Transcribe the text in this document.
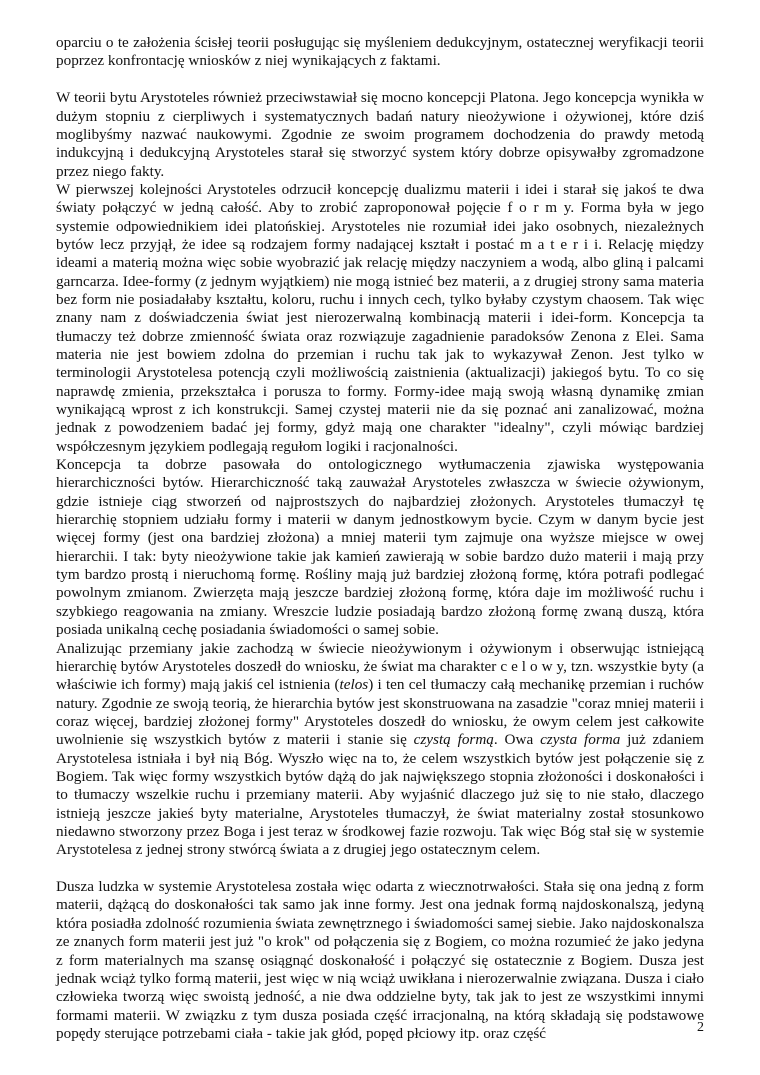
oparciu o te założenia ścisłej teorii posługując się myśleniem dedukcyjnym, ostatecznej weryfikacji teorii poprzez konfrontację wniosków z niej wynikających z faktami.

W teorii bytu Arystoteles również przeciwstawiał się mocno koncepcji Platona. Jego koncepcja wynikła w dużym stopniu z cierpliwych i systematycznych badań natury nieożywione i ożywionej, które dziś moglibyśmy nazwać naukowymi. Zgodnie ze swoim programem dochodzenia do prawdy metodą indukcyjną i dedukcyjną Arystoteles starał się stworzyć system który dobrze opisywałby zgromadzone przez niego fakty.

W pierwszej kolejności Arystoteles odrzucił koncepcję dualizmu materii i idei i starał się jakoś te dwa światy połączyć w jedną całość. Aby to zrobić zaproponował pojęcie f o r m y. Forma była w jego systemie odpowiednikiem idei platońskiej. Arystoteles nie rozumiał idei jako osobnych, niezależnych bytów lecz przyjął, że idee są rodzajem formy nadającej kształt i postać m a t e r i i. Relację między ideami a materią można więc sobie wyobrazić jak relację między naczyniem a wodą, albo gliną i palcami garncarza. Idee-formy (z jednym wyjątkiem) nie mogą istnieć bez materii, a z drugiej strony sama materia bez form nie posiadałaby kształtu, koloru, ruchu i innych cech, tylko byłaby czystym chaosem. Tak więc znany nam z doświadczenia świat jest nierozerwalną kombinacją materii i idei-form. Koncepcja ta tłumaczy też dobrze zmienność świata oraz rozwiązuje zagadnienie paradoksów Zenona z Elei. Sama materia nie jest bowiem zdolna do przemian i ruchu tak jak to wykazywał Zenon. Jest tylko w terminologii Arystotelesa potencją czyli możliwością zaistnienia (aktualizacji) jakiegoś bytu. To co się naprawdę zmienia, przekształca i porusza to formy. Formy-idee mają swoją własną dynamikę zmian wynikającą wprost z ich konstrukcji. Samej czystej materii nie da się poznać ani zanalizować, można jednak z powodzeniem badać jej formy, gdyż mają one charakter "idealny", czyli mówiąc bardziej współczesnym językiem podlegają regułom logiki i racjonalności.

Koncepcja ta dobrze pasowała do ontologicznego wytłumaczenia zjawiska występowania hierarchiczności bytów. Hierarchiczność taką zauważał Arystoteles zwłaszcza w świecie ożywionym, gdzie istnieje ciąg stworzeń od najprostszych do najbardziej złożonych. Arystoteles tłumaczył tę hierarchię stopniem udziału formy i materii w danym jednostkowym bycie. Czym w danym bycie jest więcej formy (jest ona bardziej złożona) a mniej materii tym zajmuje ona wyższe miejsce w owej hierarchii. I tak: byty nieożywione takie jak kamień zawierają w sobie bardzo dużo materii i mają przy tym bardzo prostą i nieruchomą formę. Rośliny mają już bardziej złożoną formę, która potrafi podlegać powolnym zmianom. Zwierzęta mają jeszcze bardziej złożoną formę, która daje im możliwość ruchu i szybkiego reagowania na zmiany. Wreszcie ludzie posiadają bardzo złożoną formę zwaną duszą, która posiada unikalną cechę posiadania świadomości o samej sobie.

Analizując przemiany jakie zachodzą w świecie nieożywionym i ożywionym i obserwując istniejącą hierarchię bytów Arystoteles doszedł do wniosku, że świat ma charakter c e l o w y, tzn. wszystkie byty (a właściwie ich formy) mają jakiś cel istnienia (telos) i ten cel tłumaczy całą mechanikę przemian i ruchów natury. Zgodnie ze swoją teorią, że hierarchia bytów jest skonstruowana na zasadzie "coraz mniej materii i coraz więcej, bardziej złożonej formy" Arystoteles doszedł do wniosku, że owym celem jest całkowite uwolnienie się wszystkich bytów z materii i stanie się czystą formą. Owa czysta forma już zdaniem Arystotelesa istniała i był nią Bóg. Wyszło więc na to, że celem wszystkich bytów jest połączenie się z Bogiem. Tak więc formy wszystkich bytów dążą do jak największego stopnia złożoności i doskonałości i to tłumaczy wszelkie ruchu i przemiany materii. Aby wyjaśnić dlaczego już się to nie stało, dlaczego istnieją jeszcze jakieś byty materialne, Arystoteles tłumaczył, że świat materialny został stosunkowo niedawno stworzony przez Boga i jest teraz w środkowej fazie rozwoju. Tak więc Bóg stał się w systemie Arystotelesa z jednej strony stwórcą świata a z drugiej jego ostatecznym celem.

Dusza ludzka w systemie Arystotelesa została więc odarta z wiecznotrwałości. Stała się ona jedną z form materii, dążącą do doskonałości tak samo jak inne formy. Jest ona jednak formą najdoskonalszą, jedyną która posiadła zdolność rozumienia świata zewnętrznego i świadomości samej siebie. Jako najdoskonalsza ze znanych form materii jest już "o krok" od połączenia się z Bogiem, co można rozumieć że jako jedyna z form materialnych ma szansę osiągnąć doskonałość i połączyć się ostatecznie z Bogiem. Dusza jest jednak wciąż tylko formą materii, jest więc w nią wciąż uwikłana i nierozerwalnie związana. Dusza i ciało człowieka tworzą więc swoistą jedność, a nie dwa oddzielne byty, tak jak to jest ze wszystkimi innymi formami materii. W związku z tym dusza posiada część irracjonalną, na którą składają się podstawowe popędy sterujące potrzebami ciała - takie jak głód, popęd płciowy itp. oraz część	2
